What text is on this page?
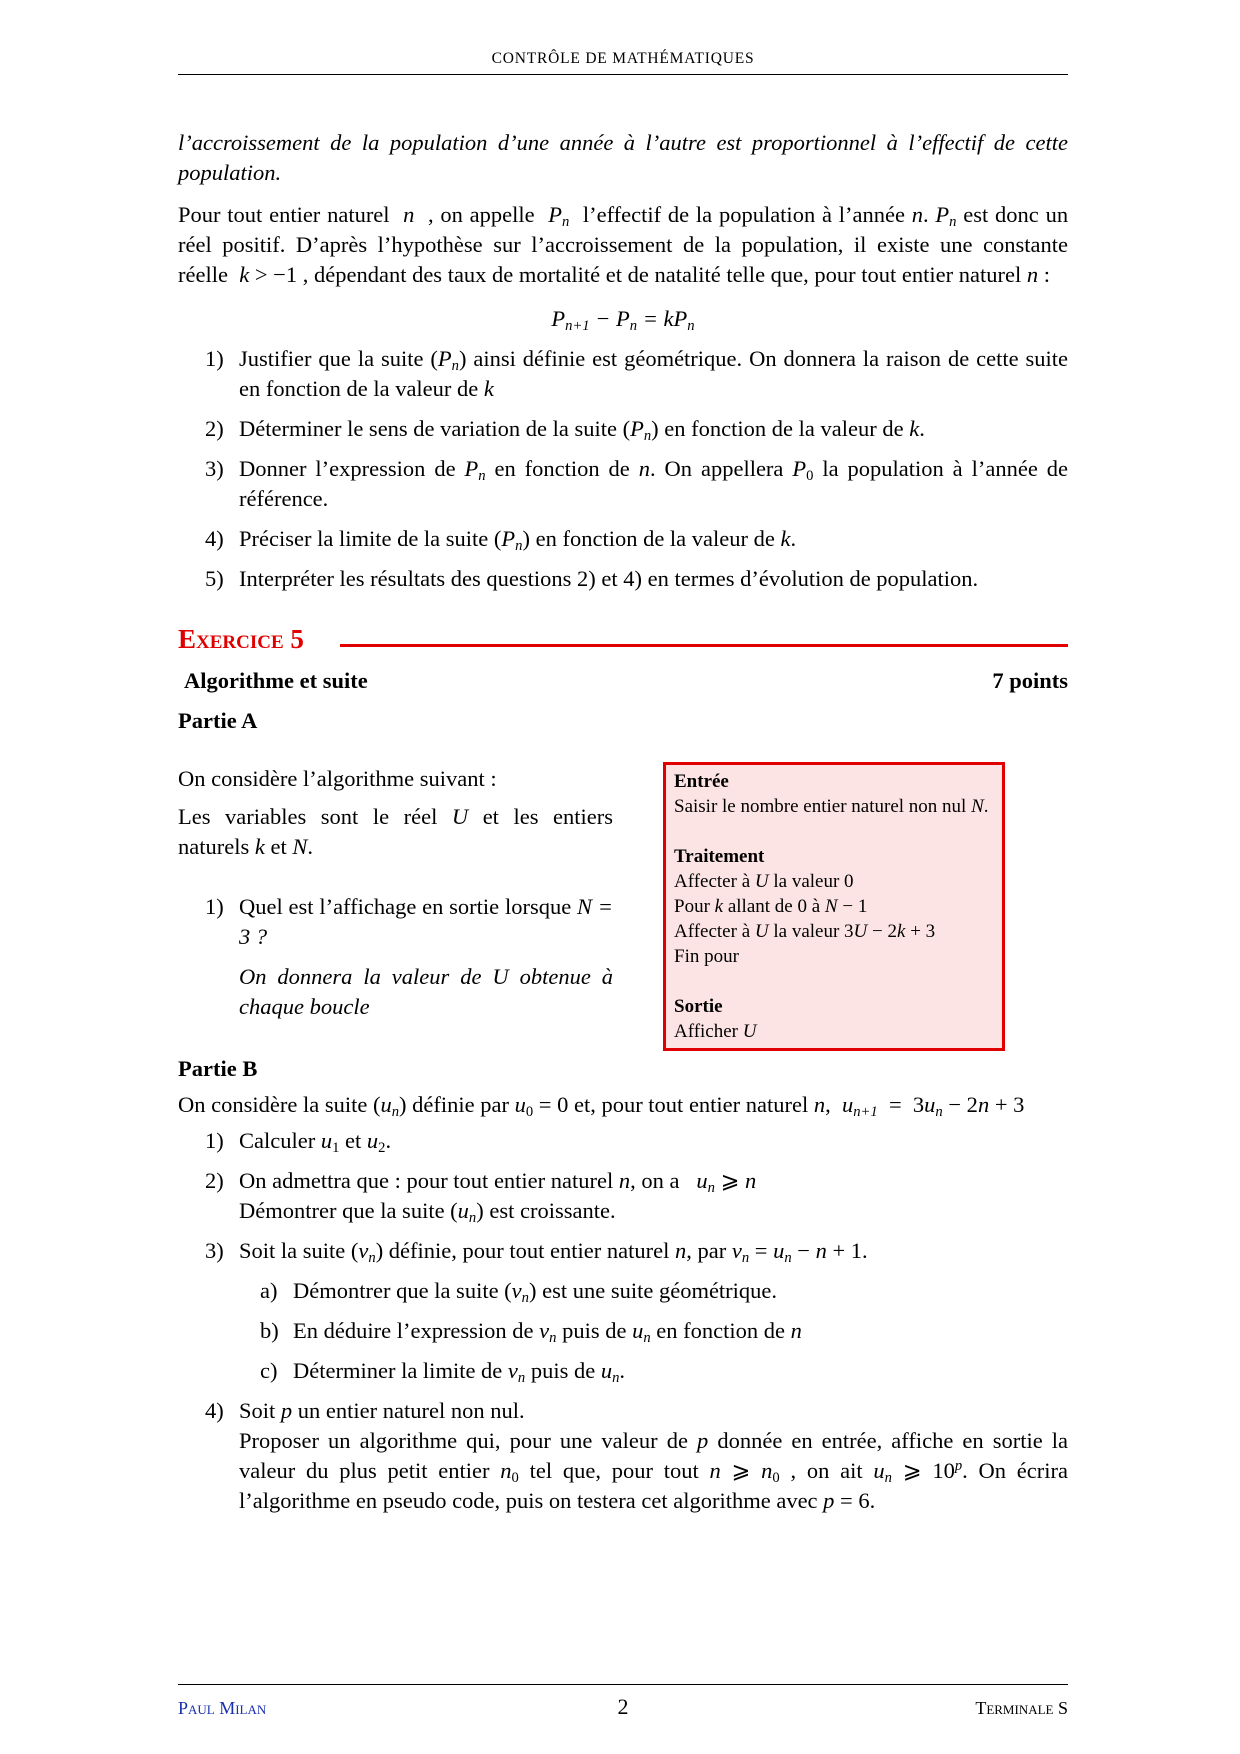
CONTRÔLE DE MATHÉMATIQUES

l’accroissement de la population d’une année à l’autre est proportionnel à l’effectif de cette population.

Pour tout entier naturel n , on appelle $P_n$ l’effectif de la population à l’année n. $P_n$ est donc un réel positif. D’après l’hypothèse sur l’accroissement de la population, il existe une constante réelle k > −1 , dépendant des taux de mortalité et de natalité telle que, pour tout entier naturel n :

$P_{n+1} - P_n = kP_n$
1) Justifier que la suite $(P_n)$ ainsi définie est géométrique. On donnera la raison de cette suite en fonction de la valeur de k
2) Déterminer le sens de variation de la suite $(P_n)$ en fonction de la valeur de k.
3) Donner l’expression de $P_n$ en fonction de n. On appellera $P_0$ la population à l’année de référence.
4) Préciser la limite de la suite $(P_n)$ en fonction de la valeur de k.
5) Interpréter les résultats des questions 2) et 4) en termes d’évolution de population.
Exercice 5
Algorithme et suite	7 points
Partie A

On considère l’algorithme suivant :

Les variables sont le réel U et les entiers naturels k et N.

1) Quel est l’affichage en sortie lorsque N = 3 ?
On donnera la valeur de U obtenue à chaque boucle
Entrée
Saisir le nombre entier naturel non nul N.

Traitement
Affecter à U la valeur 0
Pour k allant de 0 à N − 1
Affecter à U la valeur 3U − 2k + 3
Fin pour

Sortie
Afficher U
Partie B

On considère la suite $(u_n)$ définie par $u_0 = 0$ et, pour tout entier naturel n,  $u_{n+1} = 3u_n - 2n + 3$

1) Calculer $u_1$ et $u_2$.
2) On admettra que : pour tout entier naturel n, on a   $u_n$ ⩾ n
Démontrer que la suite $(u_n)$ est croissante.
3) Soit la suite $(v_n)$ définie, pour tout entier naturel n, par $v_n = u_n - n + 1$.
a) Démontrer que la suite $(v_n)$ est une suite géométrique.
b) En déduire l’expression de $v_n$ puis de $u_n$ en fonction de n
c) Déterminer la limite de $v_n$ puis de $u_n$.
4) Soit p un entier naturel non nul.
Proposer un algorithme qui, pour une valeur de p donnée en entrée, affiche en sortie la valeur du plus petit entier $n_0$ tel que, pour tout n ⩾ $n_0$ , on ait $u_n$ ⩾ 10$^p$. On écrira l’algorithme en pseudo code, puis on testera cet algorithme avec p = 6.
Paul Milan	2	Terminale S
